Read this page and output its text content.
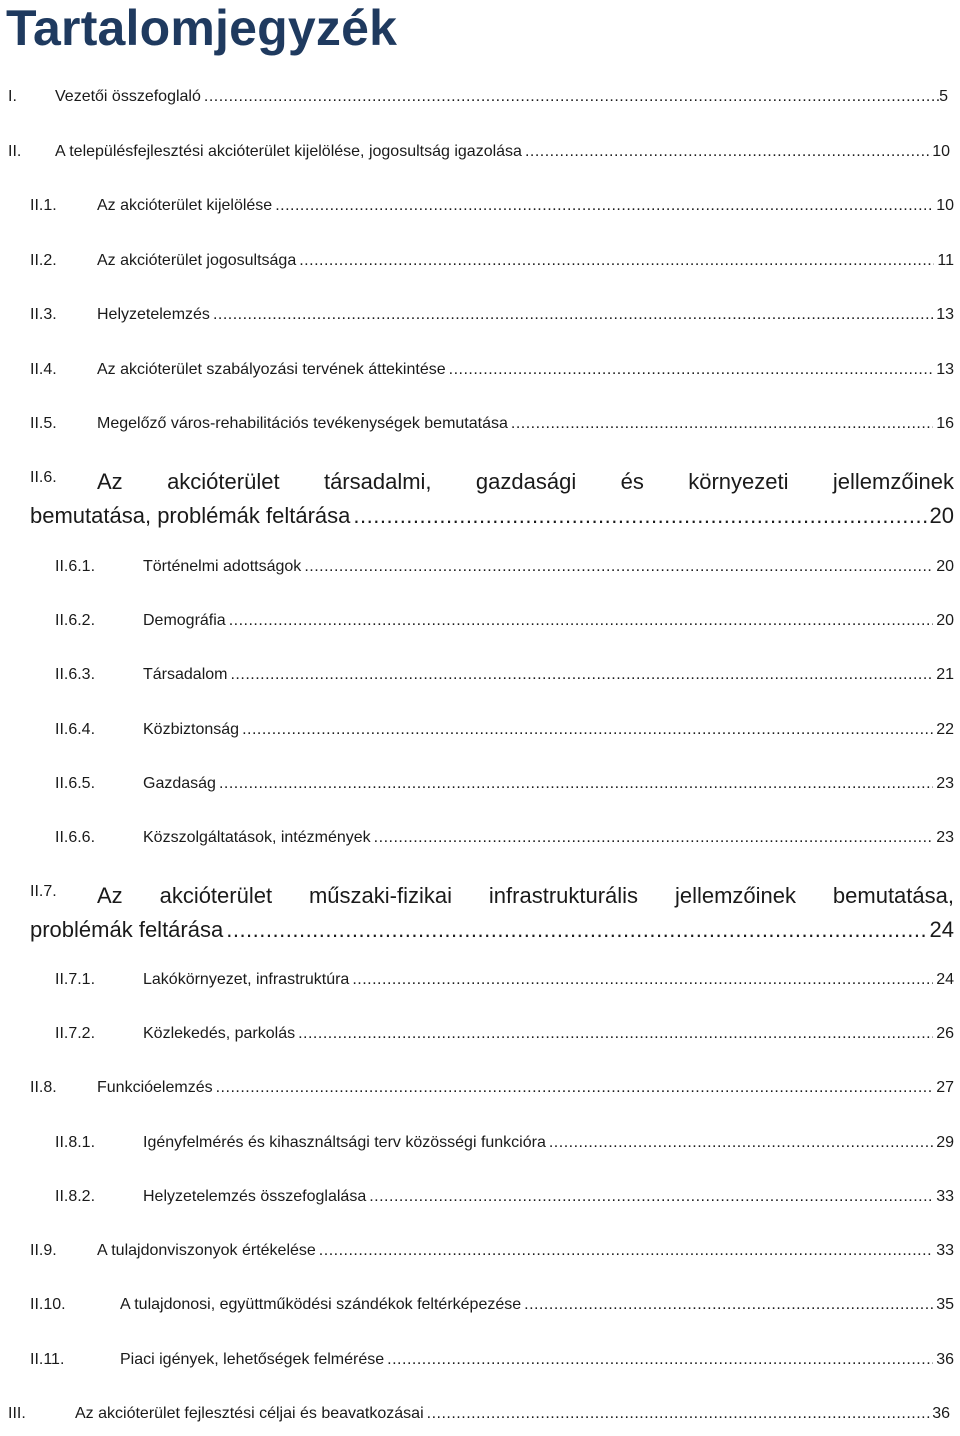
Tartalomjegyzék
I.	Vezetői összefoglaló .....	5
II.	A településfejlesztési akcióterület kijelölése, jogosultság igazolása .....	10
II.1.	Az akcióterület kijelölése .....	10
II.2.	Az akcióterület jogosultsága .....	11
II.3.	Helyzetelemzés .....	13
II.4.	Az akcióterület szabályozási tervének áttekintése .....	13
II.5.	Megelőző város-rehabilitációs tevékenységek bemutatása .....	16
II.6. Az akcióterület társadalmi, gazdasági és környezeti jellemzőinek
bemutatása, problémák feltárása .....	20
II.6.1.	Történelmi adottságok .....	20
II.6.2.	Demográfia .....	20
II.6.3.	Társadalom .....	21
II.6.4.	Közbiztonság .....	22
II.6.5.	Gazdaság .....	23
II.6.6.	Közszolgáltatások, intézmények .....	23
II.7. Az akcióterület műszaki-fizikai infrastrukturális jellemzőinek bemutatása,
problémák feltárása .....	24
II.7.1.	Lakókörnyezet, infrastruktúra .....	24
II.7.2.	Közlekedés, parkolás .....	26
II.8.	Funkcióelemzés .....	27
II.8.1.	Igényfelmérés és kihasználtsági terv közösségi funkcióra .....	29
II.8.2.	Helyzetelemzés összefoglalása .....	33
II.9.	A tulajdonviszonyok értékelése .....	33
II.10.	A tulajdonosi, együttműködési szándékok feltérképezése .....	35
II.11.	Piaci igények, lehetőségek felmérése .....	36
III.	Az akcióterület fejlesztési céljai és beavatkozásai .....	36
